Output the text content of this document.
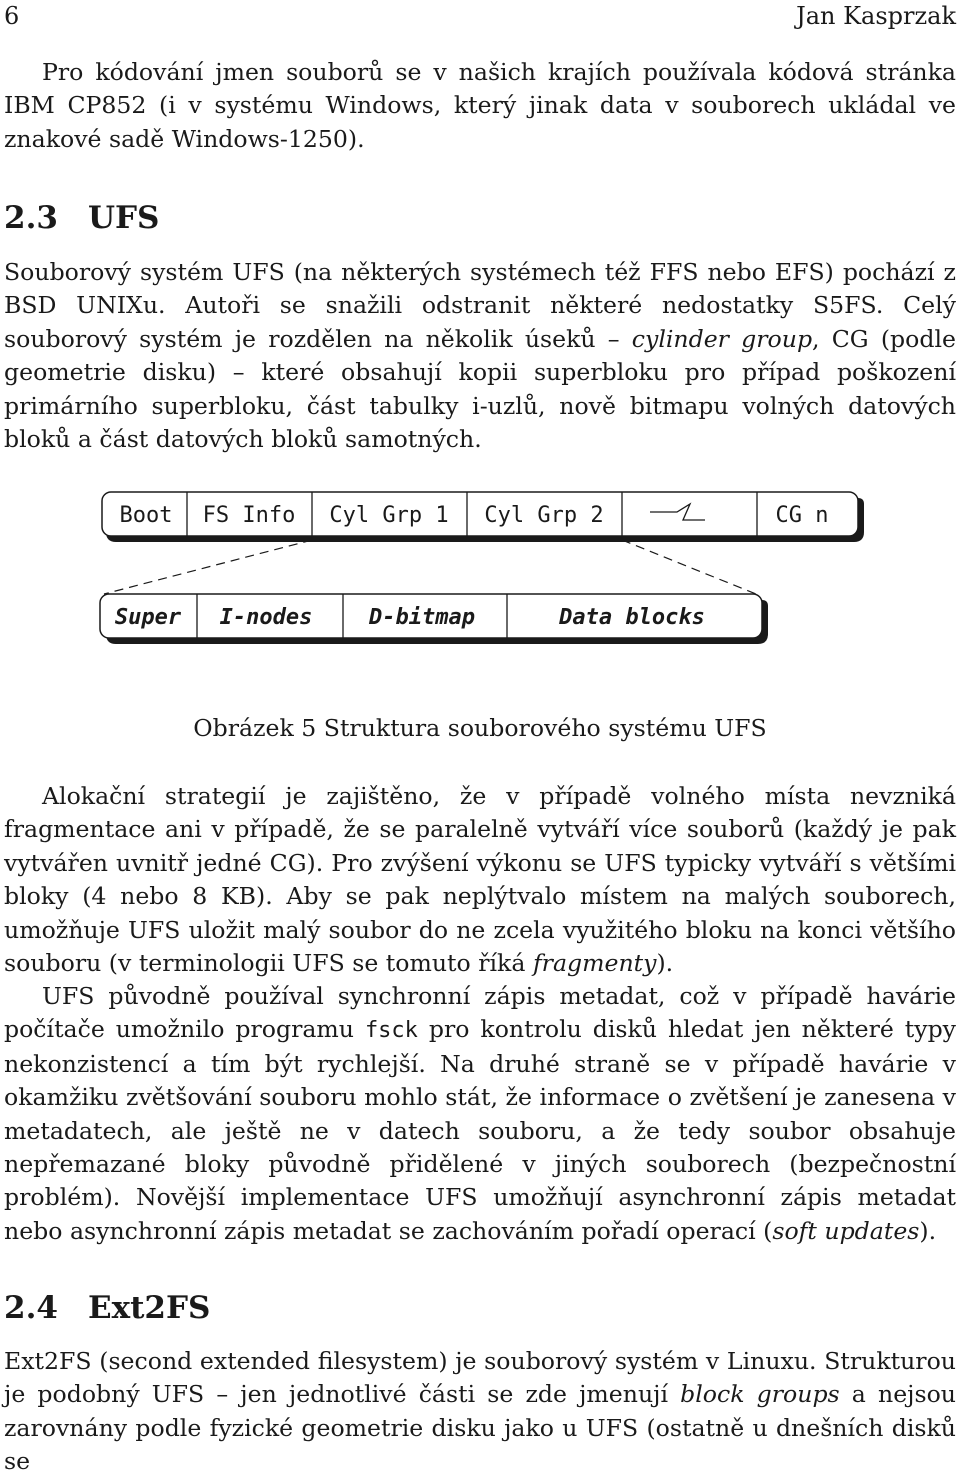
6	Jan Kasprzak
Pro kódování jmen souborů se v našich krajích používala kódová stránka IBM CP852 (i v systému Windows, který jinak data v souborech ukládal ve znakové sadě Windows-1250).
2.3 UFS
Souborový systém UFS (na některých systémech též FFS nebo EFS) pochází z BSD UNIXu. Autoři se snažili odstranit některé nedostatky S5FS. Celý souborový systém je rozdělen na několik úseků – cylinder group, CG (podle geometrie disku) – které obsahují kopii superbloku pro případ poškození primárního superbloku, část tabulky i-uzlů, nově bitmapu volných datových bloků a část datových bloků samotných.
Boot FS Info Cyl Grp 1 Cyl Grp 2	CG n
Super I-nodes	D-bitmap	Data blocks
Obrázek 5 Struktura souborového systému UFS
Alokační strategií je zajištěno, že v případě volného místa nevzniká fragmentace ani v případě, že se paralelně vytváří více souborů (každý je pak vytvářen uvnitř jedné CG). Pro zvýšení výkonu se UFS typicky vytváří s většími bloky (4 nebo 8 KB). Aby se pak neplýtvalo místem na malých souborech, umožňuje UFS uložit malý soubor do ne zcela využitého bloku na konci většího souboru (v terminologii UFS se tomuto říká fragmenty).
UFS původně používal synchronní zápis metadat, což v případě havárie počítače umožnilo programu fsck pro kontrolu disků hledat jen některé typy nekonzistencí a tím být rychlejší. Na druhé straně se v případě havárie v okamžiku zvětšování souboru mohlo stát, že informace o zvětšení je zanesena v metadatech, ale ještě ne v datech souboru, a že tedy soubor obsahuje nepřemazané bloky původně přidělené v jiných souborech (bezpečnostní problém). Novější implementace UFS umožňují asynchronní zápis metadat nebo asynchronní zápis metadat se zachováním pořadí operací (soft updates).
2.4 Ext2FS
Ext2FS (second extended filesystem) je souborový systém v Linuxu. Strukturou je podobný UFS – jen jednotlivé části se zde jmenují block groups a nejsou zarovnány podle fyzické geometrie disku jako u UFS (ostatně u dnešních disků se
